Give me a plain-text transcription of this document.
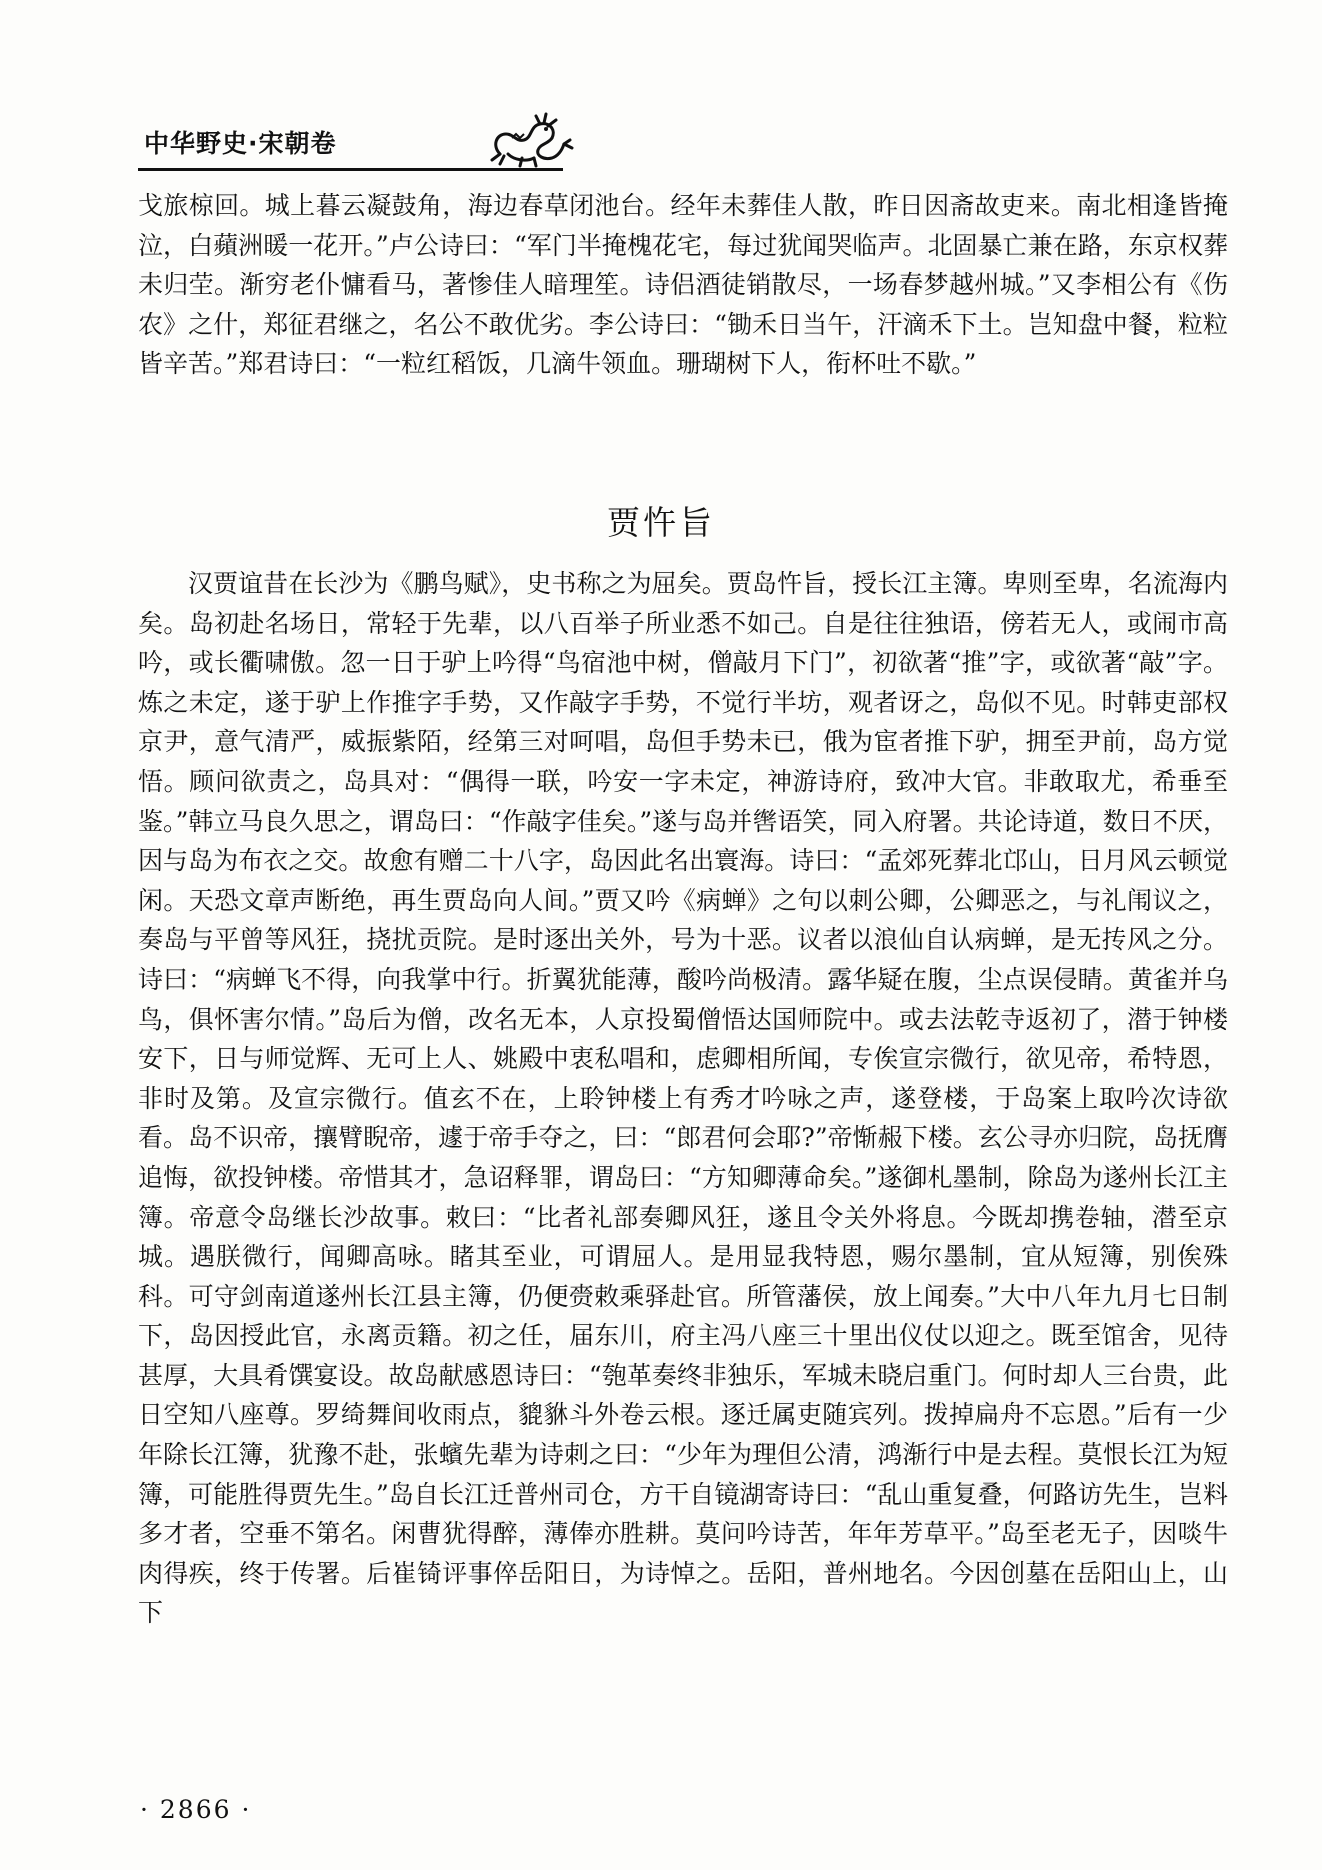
中华野史·宋朝卷
戈旅椋回。城上暮云凝鼓角，海边春草闭池台。经年未葬佳人散，昨日因斋故吏来。南北相逢皆掩泣，白蘋洲暖一花开。”卢公诗曰：“军门半掩槐花宅，每过犹闻哭临声。北固暴亡兼在路，东京权葬未归茔。渐穷老仆慵看马，著惨佳人暗理笙。诗侣酒徒销散尽，一场春梦越州城。”又李相公有《伤农》之什，郑征君继之，名公不敢优劣。李公诗曰：“锄禾日当午，汗滴禾下土。岂知盘中餐，粒粒皆辛苦。”郑君诗曰：“一粒红稻饭，几滴牛领血。珊瑚树下人，衔杯吐不歇。”
贾忤旨
汉贾谊昔在长沙为《鹏鸟赋》，史书称之为屈矣。贾岛忤旨，授长江主簿。卑则至卑，名流海内矣。岛初赴名场日，常轻于先辈，以八百举子所业悉不如己。自是往往独语，傍若无人，或闹市高吟，或长衢啸傲。忽一日于驴上吟得“鸟宿池中树，僧敲月下门”，初欲著“推”字，或欲著“敲”字。炼之未定，遂于驴上作推字手势，又作敲字手势，不觉行半坊，观者讶之，岛似不见。时韩吏部权京尹，意气清严，威振紫陌，经第三对呵唱，岛但手势未已，俄为宦者推下驴，拥至尹前，岛方觉悟。顾问欲责之，岛具对：“偶得一联，吟安一字未定，神游诗府，致冲大官。非敢取尤，希垂至鉴。”韩立马良久思之，谓岛曰：“作敲字佳矣。”遂与岛并辔语笑，同入府署。共论诗道，数日不厌，因与岛为布衣之交。故愈有赠二十八字，岛因此名出寰海。诗曰：“孟郊死葬北邙山，日月风云顿觉闲。天恐文章声断绝，再生贾岛向人间。”贾又吟《病蝉》之句以刺公卿，公卿恶之，与礼闱议之，奏岛与平曾等风狂，挠扰贡院。是时逐出关外，号为十恶。议者以浪仙自认病蝉，是无抟风之分。诗曰：“病蝉飞不得，向我掌中行。折翼犹能薄，酸吟尚极清。露华疑在腹，尘点误侵睛。黄雀并乌鸟，俱怀害尔情。”岛后为僧，改名无本，人京投蜀僧悟达国师院中。或去法乾寺返初了，潜于钟楼安下，日与师觉辉、无可上人、姚殿中衷私唱和，虑卿相所闻，专俟宣宗微行，欲见帝，希特恩，非时及第。及宣宗微行。值玄不在，上聆钟楼上有秀才吟咏之声，遂登楼，于岛案上取吟次诗欲看。岛不识帝，攘臂睨帝，遽于帝手夺之，曰：“郎君何会耶?”帝惭赧下楼。玄公寻亦归院，岛抚膺追悔，欲投钟楼。帝惜其才，急诏释罪，谓岛曰：“方知卿薄命矣。”遂御札墨制，除岛为遂州长江主簿。帝意令岛继长沙故事。敕曰：“比者礼部奏卿风狂，遂且令关外将息。今既却携卷轴，潜至京城。遇朕微行，闻卿高咏。睹其至业，可谓屈人。是用显我特恩，赐尔墨制，宜从短簿，别俟殊科。可守剑南道遂州长江县主簿，仍便赍敕乘驿赴官。所管藩侯，放上闻奏。”大中八年九月七日制下，岛因授此官，永离贡籍。初之任，届东川，府主冯八座三十里出仪仗以迎之。既至馆舍，见待甚厚，大具肴馔宴设。故岛献感恩诗曰：“匏革奏终非独乐，军城未晓启重门。何时却人三台贵，此日空知八座尊。罗绮舞间收雨点，貔貅斗外卷云根。逐迁属吏随宾列。拨掉扁舟不忘恩。”后有一少年除长江簿，犹豫不赴，张蠙先辈为诗刺之曰：“少年为理但公清，鸿渐行中是去程。莫恨长江为短簿，可能胜得贾先生。”岛自长江迁普州司仓，方干自镜湖寄诗曰：“乱山重复叠，何路访先生，岂料多才者，空垂不第名。闲曹犹得醉，薄俸亦胜耕。莫问吟诗苦，年年芳草平。”岛至老无子，因啖牛肉得疾，终于传署。后崔锜评事倅岳阳日，为诗悼之。岳阳，普州地名。今因创墓在岳阳山上，山下
· 2866 ·
